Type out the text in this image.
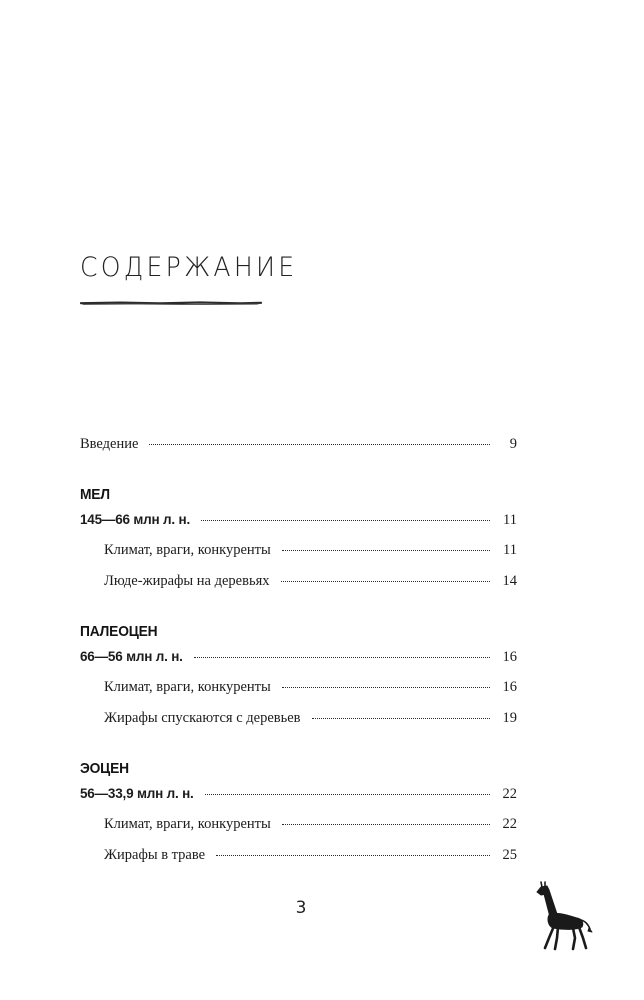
СОДЕРЖАНИЕ
Введение	9
МЕЛ
145—66 млн л. н.	11
Климат, враги, конкуренты	11
Люде-жирафы на деревьях	14
ПАЛЕОЦЕН
66—56 млн л. н.	16
Климат, враги, конкуренты	16
Жирафы спускаются с деревьев	19
ЭОЦЕН
56—33,9 млн л. н.	22
Климат, враги, конкуренты	22
Жирафы в траве	25
3
